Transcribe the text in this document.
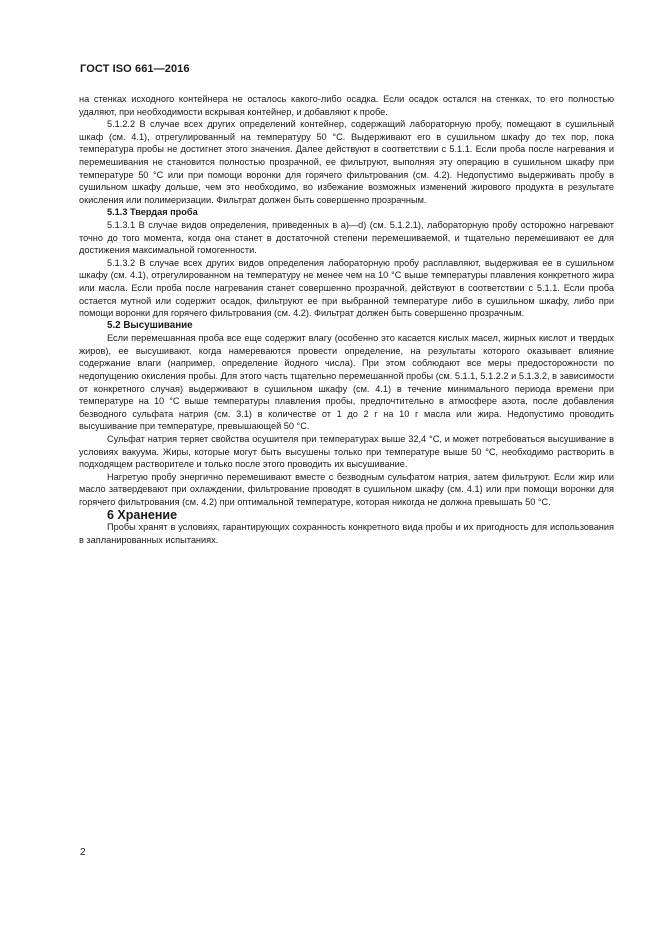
ГОСТ ISO 661—2016

на стенках исходного контейнера не осталось какого-либо осадка. Если осадок остался на стенках, то его полностью удаляют, при необходимости вскрывая контейнер, и добавляют к пробе.

5.1.2.2 В случае всех других определений контейнер, содержащий лабораторную пробу, помещают в сушильный шкаф (см. 4.1), отрегулированный на температуру 50 °С. Выдерживают его в сушильном шкафу до тех пор, пока температура пробы не достигнет этого значения. Далее действуют в соответствии с 5.1.1. Если проба после нагревания и перемешивания не становится полностью прозрачной, ее фильтруют, выполняя эту операцию в сушильном шкафу при температуре 50 °С или при помощи воронки для горячего фильтрования (см. 4.2). Недопустимо выдерживать пробу в сушильном шкафу дольше, чем это необходимо, во избежание возможных изменений жирового продукта в результате окисления или полимеризации. Фильтрат должен быть совершенно прозрачным.

5.1.3 Твердая проба

5.1.3.1 В случае видов определения, приведенных в а)—d) (см. 5.1.2.1), лабораторную пробу осторожно нагревают точно до того момента, когда она станет в достаточной степени перемешиваемой, и тщательно перемешивают ее для достижения максимальной гомогенности.

5.1.3.2 В случае всех других видов определения лабораторную пробу расплавляют, выдерживая ее в сушильном шкафу (см. 4.1), отрегулированном на температуру не менее чем на 10 °С выше температуры плавления конкретного жира или масла. Если проба после нагревания станет совершенно прозрачной, действуют в соответствии с 5.1.1. Если проба остается мутной или содержит осадок, фильтруют ее при выбранной температуре либо в сушильном шкафу, либо при помощи воронки для горячего фильтрования (см. 4.2). Фильтрат должен быть совершенно прозрачным.

5.2 Высушивание

Если перемешанная проба все еще содержит влагу (особенно это касается кислых масел, жирных кислот и твердых жиров), ее высушивают, когда намереваются провести определение, на результаты которого оказывает влияние содержание влаги (например, определение йодного числа). При этом соблюдают все меры предосторожности по недопущению окисления пробы. Для этого часть тщательно перемешанной пробы (см. 5.1.1, 5.1.2.2 и 5.1.3.2, в зависимости от конкретного случая) выдерживают в сушильном шкафу (см. 4.1) в течение минимального периода времени при температуре на 10 °С выше температуры плавления пробы, предпочтительно в атмосфере азота, после добавления безводного сульфата натрия (см. 3.1) в количестве от 1 до 2 г на 10 г масла или жира. Недопустимо проводить высушивание при температуре, превышающей 50 °С.

Сульфат натрия теряет свойства осушителя при температурах выше 32,4 °С, и может потребоваться высушивание в условиях вакуума. Жиры, которые могут быть высушены только при температуре выше 50 °С, необходимо растворить в подходящем растворителе и только после этого проводить их высушивание.

Нагретую пробу энергично перемешивают вместе с безводным сульфатом натрия, затем фильтруют. Если жир или масло затвердевают при охлаждении, фильтрование проводят в сушильном шкафу (см. 4.1) или при помощи воронки для горячего фильтрования (см. 4.2) при оптимальной температуре, которая никогда не должна превышать 50 °С.

6 Хранение

Пробы хранят в условиях, гарантирующих сохранность конкретного вида пробы и их пригодность для использования в запланированных испытаниях.

2
